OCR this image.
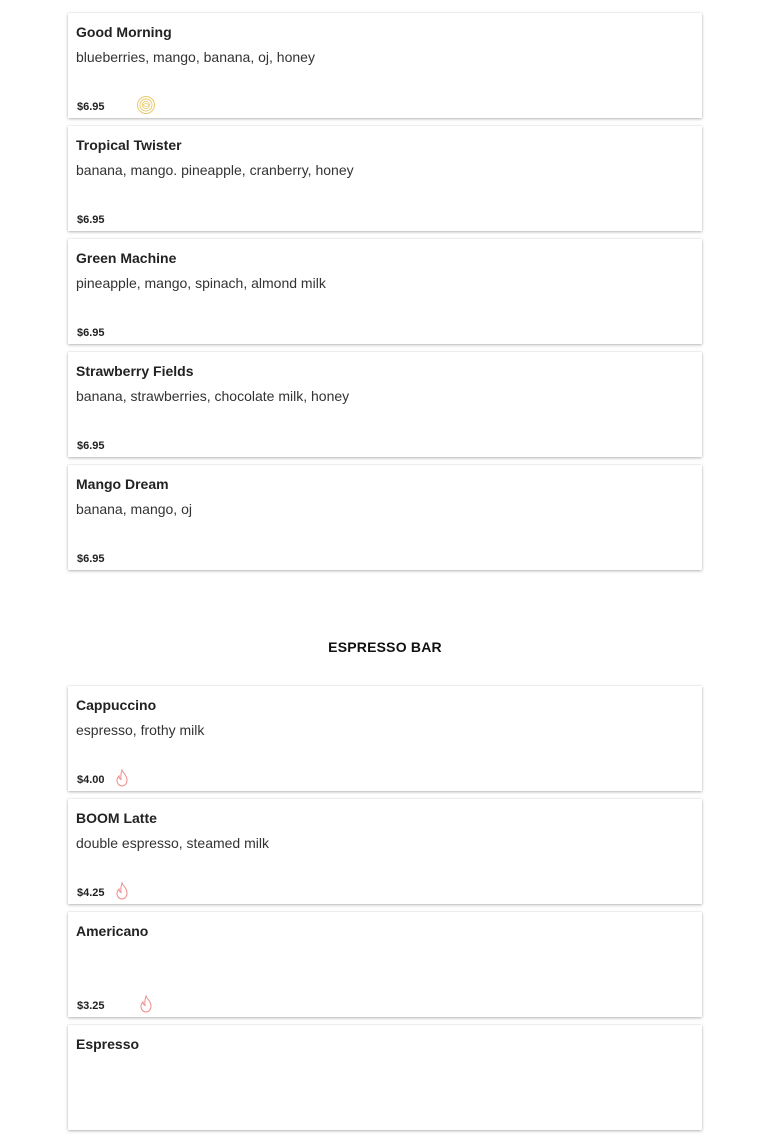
Good Morning
blueberries, mango, banana, oj, honey
$6.95
Tropical Twister
banana, mango. pineapple, cranberry, honey
$6.95
Green Machine
pineapple, mango, spinach, almond milk
$6.95
Strawberry Fields
banana, strawberries, chocolate milk, honey
$6.95
Mango Dream
banana, mango, oj
$6.95
ESPRESSO BAR
Cappuccino
espresso, frothy milk
$4.00
BOOM Latte
double espresso, steamed milk
$4.25
Americano
$3.25
Espresso
